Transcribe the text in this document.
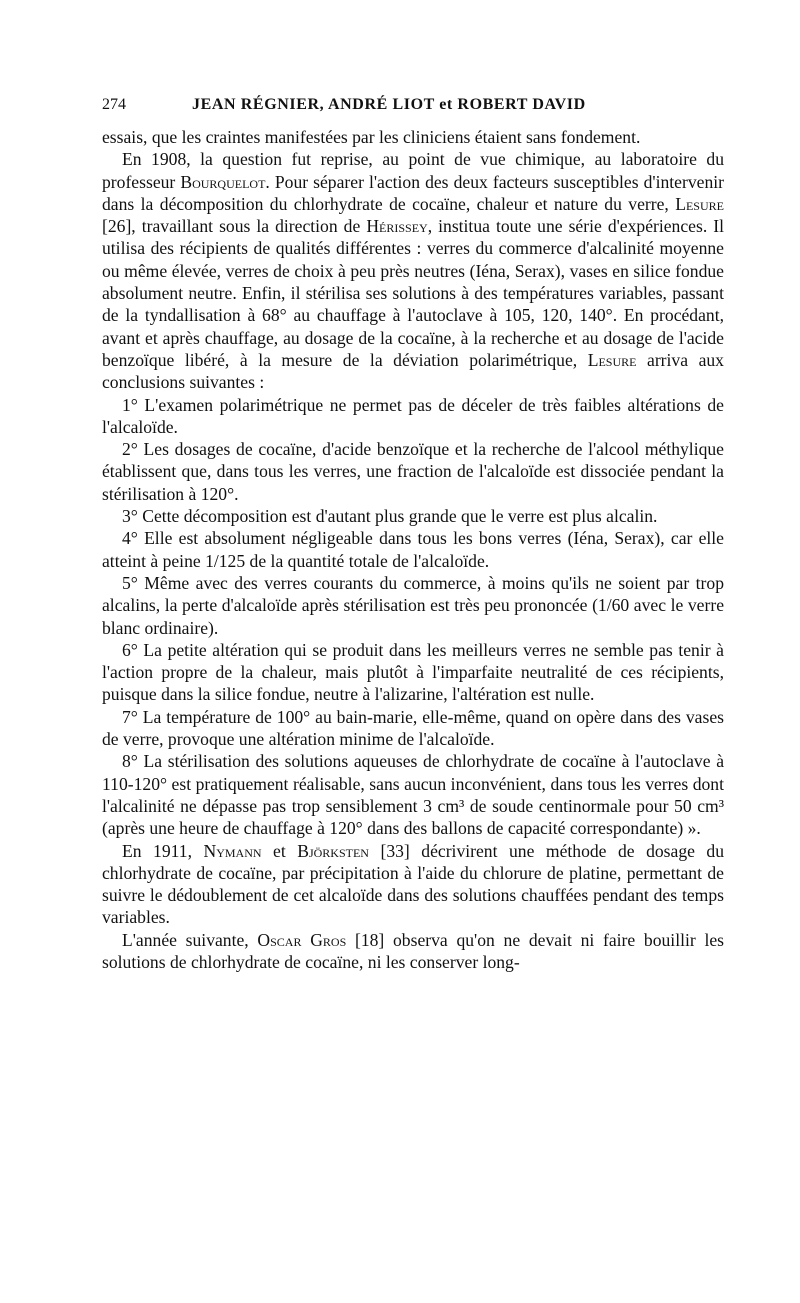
274	JEAN RÉGNIER, ANDRÉ LIOT et ROBERT DAVID

essais, que les craintes manifestées par les cliniciens étaient sans fondement.

En 1908, la question fut reprise, au point de vue chimique, au laboratoire du professeur Bourquelot. Pour séparer l'action des deux facteurs susceptibles d'intervenir dans la décomposition du chlorhydrate de cocaïne, chaleur et nature du verre, Lesure [26], travaillant sous la direction de Hérissey, institua toute une série d'expériences. Il utilisa des récipients de qualités différentes : verres du commerce d'alcalinité moyenne ou même élevée, verres de choix à peu près neutres (Iéna, Serax), vases en silice fondue absolument neutre. Enfin, il stérilisa ses solutions à des températures variables, passant de la tyndallisation à 68° au chauffage à l'autoclave à 105, 120, 140°. En procédant, avant et après chauffage, au dosage de la cocaïne, à la recherche et au dosage de l'acide benzoïque libéré, à la mesure de la déviation polarimétrique, Lesure arriva aux conclusions suivantes :

1° L'examen polarimétrique ne permet pas de déceler de très faibles altérations de l'alcaloïde.

2° Les dosages de cocaïne, d'acide benzoïque et la recherche de l'alcool méthylique établissent que, dans tous les verres, une fraction de l'alcaloïde est dissociée pendant la stérilisation à 120°.

3° Cette décomposition est d'autant plus grande que le verre est plus alcalin.

4° Elle est absolument négligeable dans tous les bons verres (Iéna, Serax), car elle atteint à peine 1/125 de la quantité totale de l'alcaloïde.

5° Même avec des verres courants du commerce, à moins qu'ils ne soient par trop alcalins, la perte d'alcaloïde après stérilisation est très peu prononcée (1/60 avec le verre blanc ordinaire).

6° La petite altération qui se produit dans les meilleurs verres ne semble pas tenir à l'action propre de la chaleur, mais plutôt à l'imparfaite neutralité de ces récipients, puisque dans la silice fondue, neutre à l'alizarine, l'altération est nulle.

7° La température de 100° au bain-marie, elle-même, quand on opère dans des vases de verre, provoque une altération minime de l'alcaloïde.

8° La stérilisation des solutions aqueuses de chlorhydrate de cocaïne à l'autoclave à 110-120° est pratiquement réalisable, sans aucun inconvénient, dans tous les verres dont l'alcalinité ne dépasse pas trop sensiblement 3 cm³ de soude centinormale pour 50 cm³ (après une heure de chauffage à 120° dans des ballons de capacité correspondante) ».

En 1911, Nymann et Björksten [33] décrivirent une méthode de dosage du chlorhydrate de cocaïne, par précipitation à l'aide du chlorure de platine, permettant de suivre le dédoublement de cet alcaloïde dans des solutions chauffées pendant des temps variables.

L'année suivante, Oscar Gros [18] observa qu'on ne devait ni faire bouillir les solutions de chlorhydrate de cocaïne, ni les conserver long-
